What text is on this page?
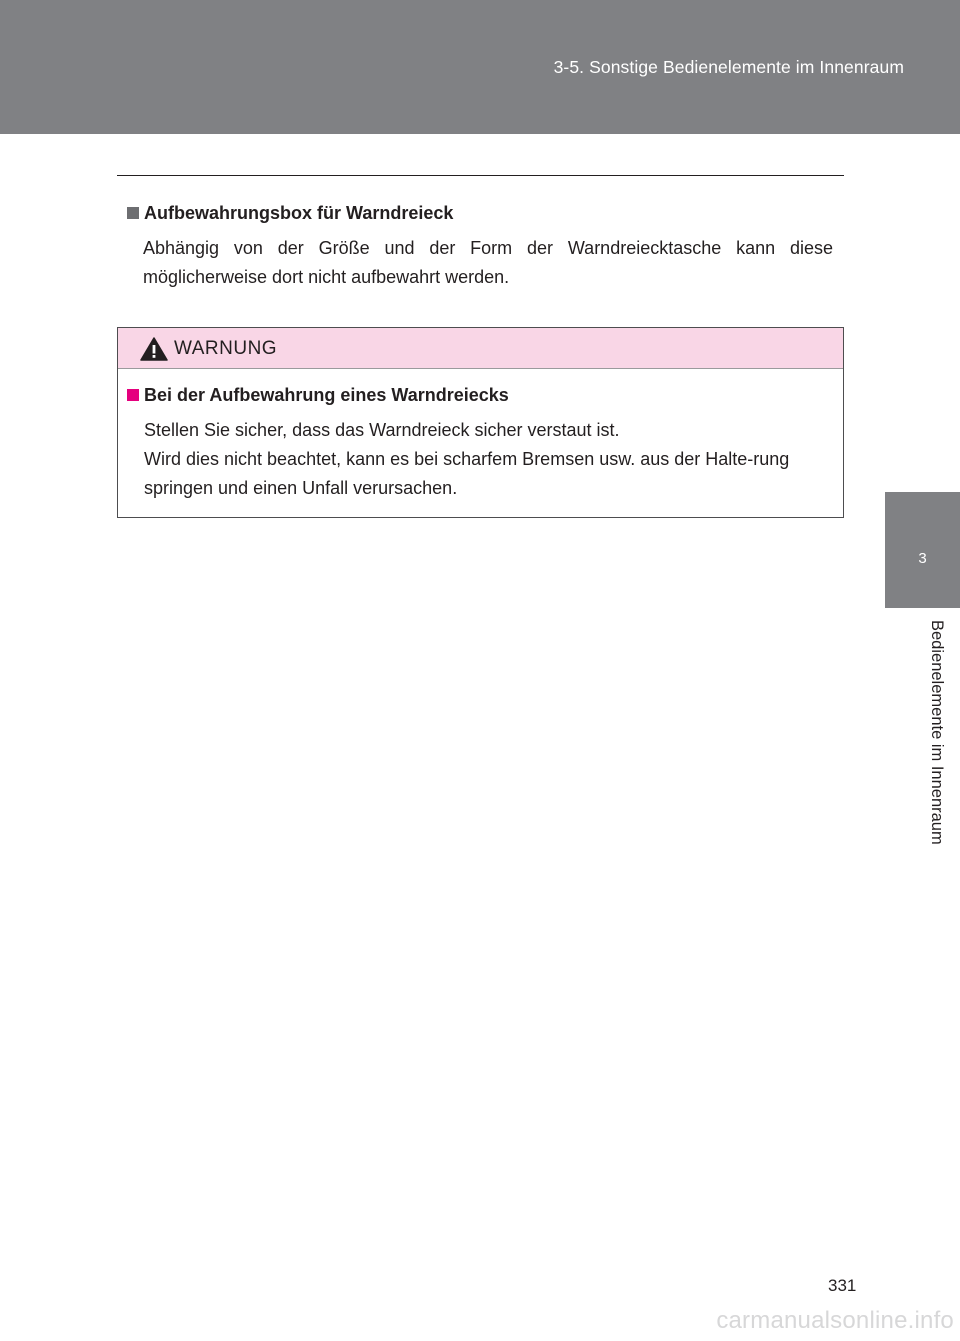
3-5. Sonstige Bedienelemente im Innenraum
3
Bedienelemente im Innenraum
Aufbewahrungsbox für Warndreieck
Abhängig von der Größe und der Form der Warndreiecktasche kann diese möglicherweise dort nicht aufbewahrt werden.
WARNUNG
Bei der Aufbewahrung eines Warndreiecks
Stellen Sie sicher, dass das Warndreieck sicher verstaut ist.
Wird dies nicht beachtet, kann es bei scharfem Bremsen usw. aus der Halte-rung springen und einen Unfall verursachen.
331
carmanualsonline.info
